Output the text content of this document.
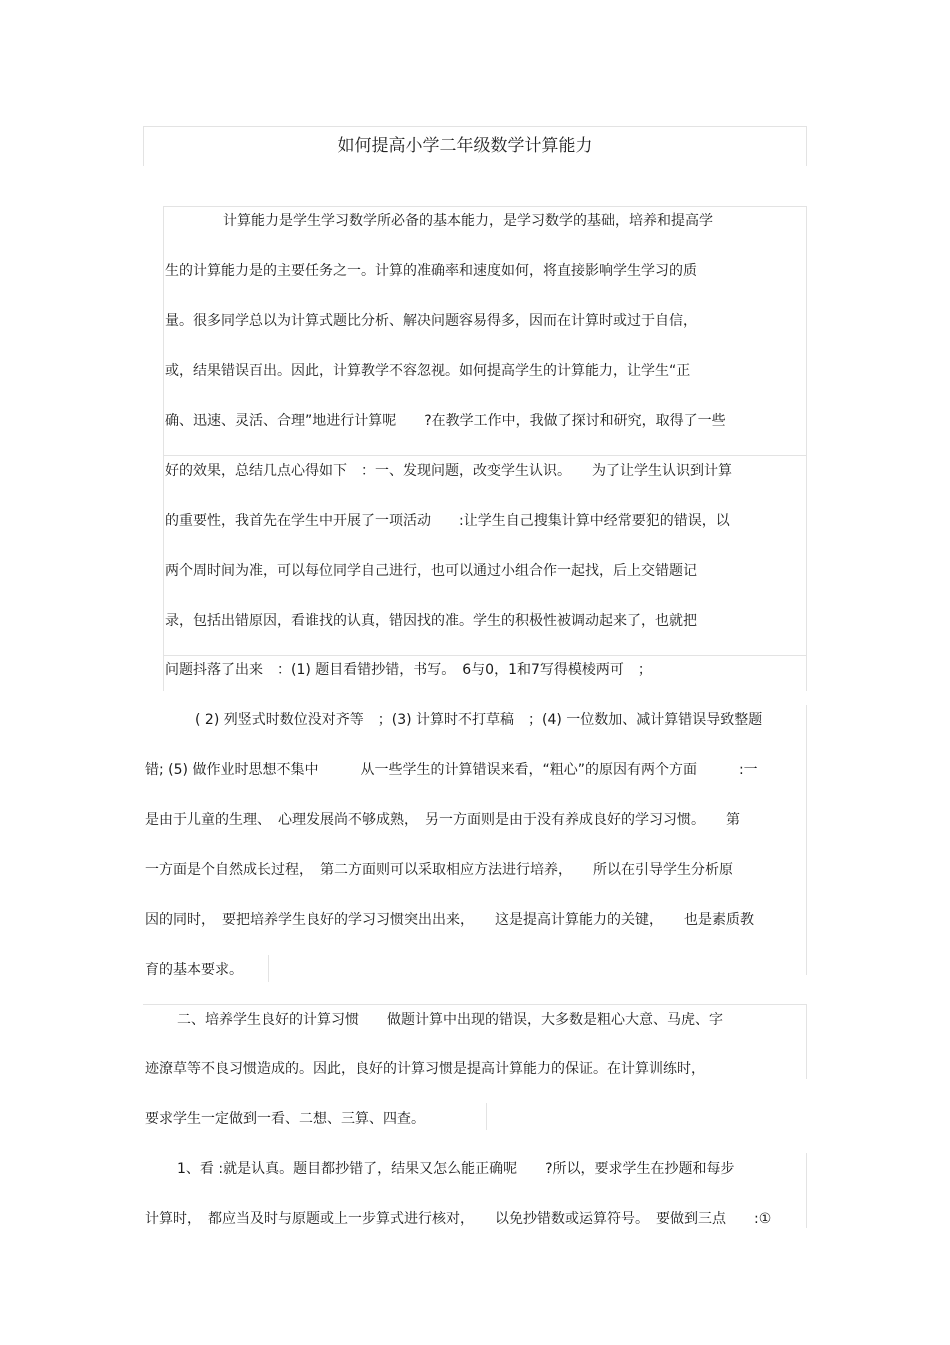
如何提高小学二年级数学计算能力
计算能力是学生学习数学所必备的基本能力，是学习数学的基础，培养和提高学
生的计算能力是的主要任务之一。计算的准确率和速度如何，将直接影响学生学习的质
量。很多同学总以为计算式题比分析、解决问题容易得多，因而在计算时或过于自信，
或，结果错误百出。因此，计算教学不容忽视。如何提高学生的计算能力，让学生“正
确、迅速、灵活、合理”地进行计算呢　　?在教学工作中，我做了探讨和研究，取得了一些
好的效果，总结几点心得如下　：一、发现问题，改变学生认识。　　为了让学生认识到计算
的重要性，我首先在学生中开展了一项活动　　:让学生自己搜集计算中经常要犯的错误，以
两个周时间为准，可以每位同学自己进行，也可以通过小组合作一起找，后上交错题记
录，包括出错原因，看谁找的认真，错因找的准。学生的积极性被调动起来了，也就把
问题抖落了出来　：(1) 题目看错抄错，书写。　6与0，1和7写得模棱两可　；
( 2) 列竖式时数位没对齐等　；(3) 计算时不打草稿　；(4) 一位数加、减计算错误导致整题
错; (5) 做作业时思想不集中　　　从一些学生的计算错误来看，“粗心”的原因有两个方面　　　:一
是由于儿童的生理、　心理发展尚不够成熟，　另一方面则是由于没有养成良好的学习习惯。　　第
一方面是个自然成长过程，　第二方面则可以采取相应方法进行培养，　　所以在引导学生分析原
因的同时，　要把培养学生良好的学习习惯突出出来，　　这是提高计算能力的关键，　　也是素质教
育的基本要求。
二、培养学生良好的计算习惯　　做题计算中出现的错误，大多数是粗心大意、马虎、字
迹潦草等不良习惯造成的。因此，良好的计算习惯是提高计算能力的保证。在计算训练时，
要求学生一定做到一看、二想、三算、四查。
1、看 :就是认真。题目都抄错了，结果又怎么能正确呢　　?所以，要求学生在抄题和每步
计算时，　都应当及时与原题或上一步算式进行核对，　　以免抄错数或运算符号。　要做到三点　　:①
